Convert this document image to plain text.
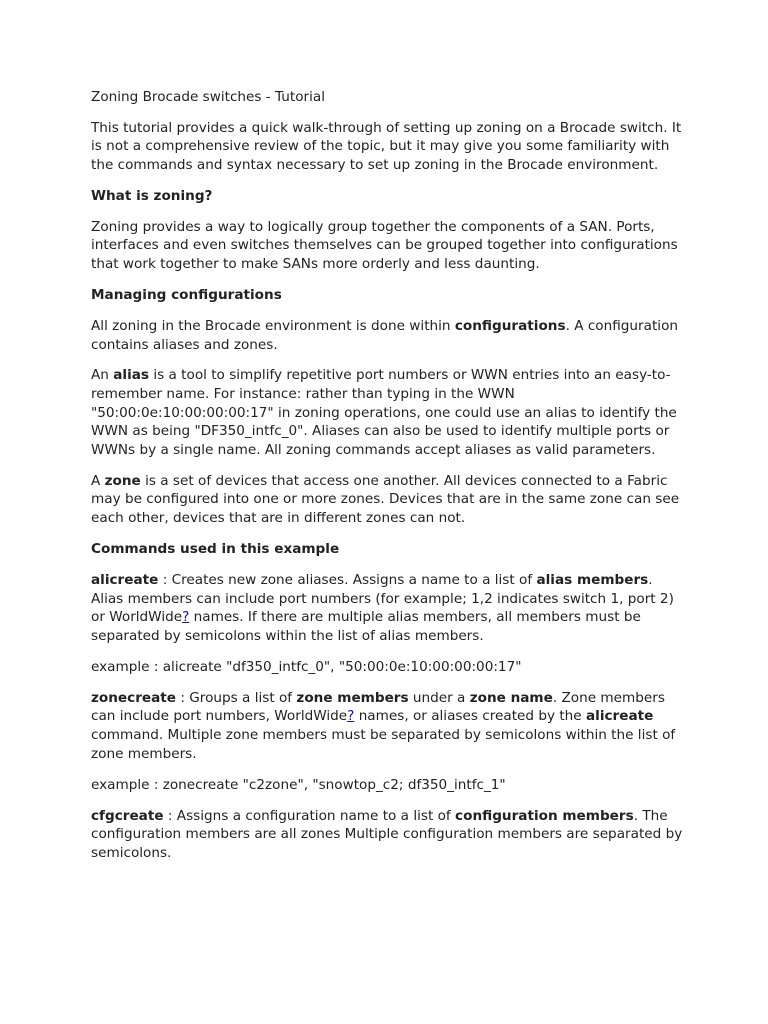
Zoning Brocade switches - Tutorial

This tutorial provides a quick walk-through of setting up zoning on a Brocade switch. It is not a comprehensive review of the topic, but it may give you some familiarity with the commands and syntax necessary to set up zoning in the Brocade environment.

What is zoning?

Zoning provides a way to logically group together the components of a SAN. Ports, interfaces and even switches themselves can be grouped together into configurations that work together to make SANs more orderly and less daunting.

Managing configurations

All zoning in the Brocade environment is done within configurations. A configuration contains aliases and zones.

An alias is a tool to simplify repetitive port numbers or WWN entries into an easy-to-remember name. For instance: rather than typing in the WWN "50:00:0e:10:00:00:00:17" in zoning operations, one could use an alias to identify the WWN as being "DF350_intfc_0". Aliases can also be used to identify multiple ports or WWNs by a single name. All zoning commands accept aliases as valid parameters.

A zone is a set of devices that access one another. All devices connected to a Fabric may be configured into one or more zones. Devices that are in the same zone can see each other, devices that are in different zones can not.

Commands used in this example

alicreate : Creates new zone aliases. Assigns a name to a list of alias members. Alias members can include port numbers (for example; 1,2 indicates switch 1, port 2) or WorldWide? names. If there are multiple alias members, all members must be separated by semicolons within the list of alias members.

example : alicreate "df350_intfc_0", "50:00:0e:10:00:00:00:17"

zonecreate : Groups a list of zone members under a zone name. Zone members can include port numbers, WorldWide? names, or aliases created by the alicreate command. Multiple zone members must be separated by semicolons within the list of zone members.

example : zonecreate "c2zone", "snowtop_c2; df350_intfc_1"

cfgcreate : Assigns a configuration name to a list of configuration members. The configuration members are all zones Multiple configuration members are separated by semicolons.
